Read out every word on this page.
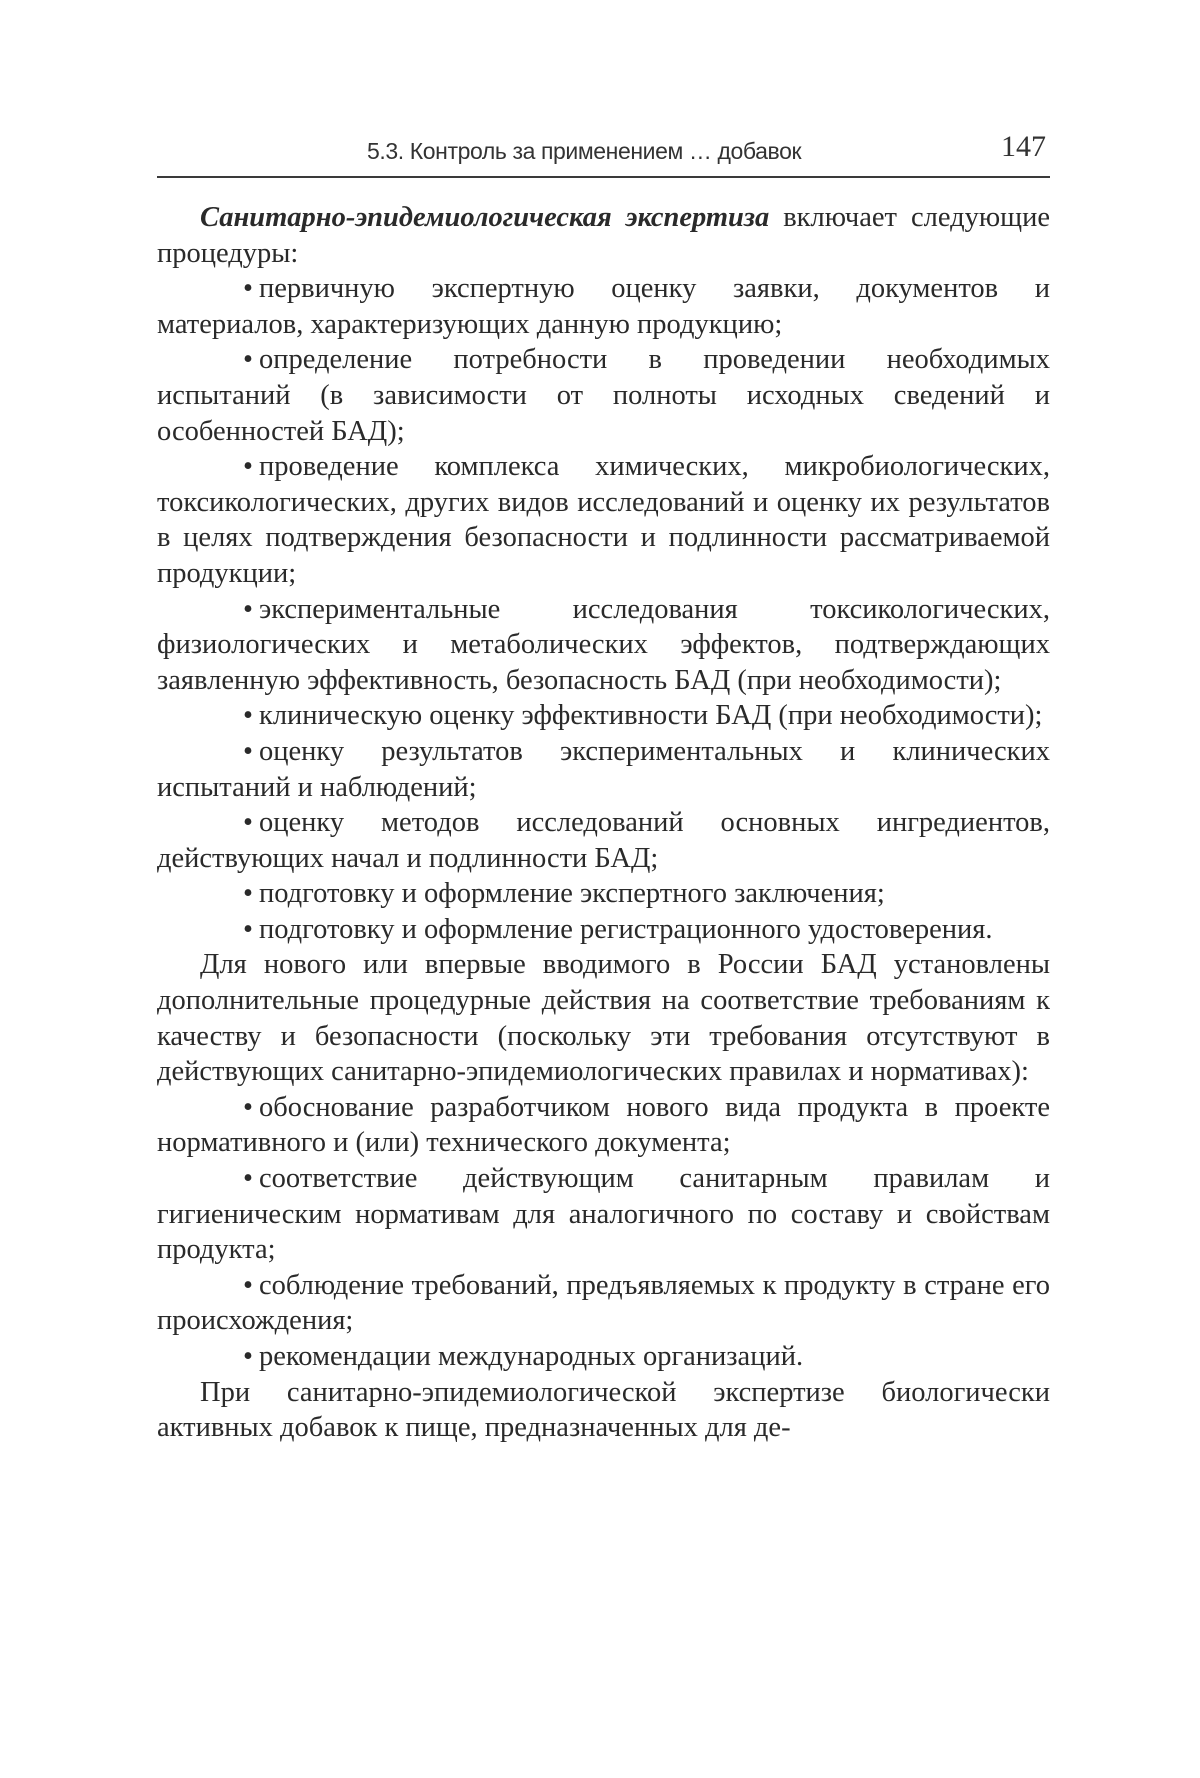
5.3. Контроль за применением … добавок	147

Санитарно-эпидемиологическая экспертиза включает следующие процедуры:

• первичную экспертную оценку заявки, документов и материалов, характеризующих данную продукцию;

• определение потребности в проведении необходимых испытаний (в зависимости от полноты исходных сведений и особенностей БАД);

• проведение комплекса химических, микробиологических, токсикологических, других видов исследований и оценку их результатов в целях подтверждения безопасности и подлинности рассматриваемой продукции;

• экспериментальные исследования токсикологических, физиологических и метаболических эффектов, подтверждающих заявленную эффективность, безопасность БАД (при необходимости);

• клиническую оценку эффективности БАД (при необходимости);

• оценку результатов экспериментальных и клинических испытаний и наблюдений;

• оценку методов исследований основных ингредиентов, действующих начал и подлинности БАД;

• подготовку и оформление экспертного заключения;

• подготовку и оформление регистрационного удостоверения.

Для нового или впервые вводимого в России БАД установлены дополнительные процедурные действия на соответствие требованиям к качеству и безопасности (поскольку эти требования отсутствуют в действующих санитарно-эпидемиологических правилах и нормативах):

• обоснование разработчиком нового вида продукта в проекте нормативного и (или) технического документа;

• соответствие действующим санитарным правилам и гигиеническим нормативам для аналогичного по составу и свойствам продукта;

• соблюдение требований, предъявляемых к продукту в стране его происхождения;

• рекомендации международных организаций.

При санитарно-эпидемиологической экспертизе биологически активных добавок к пище, предназначенных для де-
